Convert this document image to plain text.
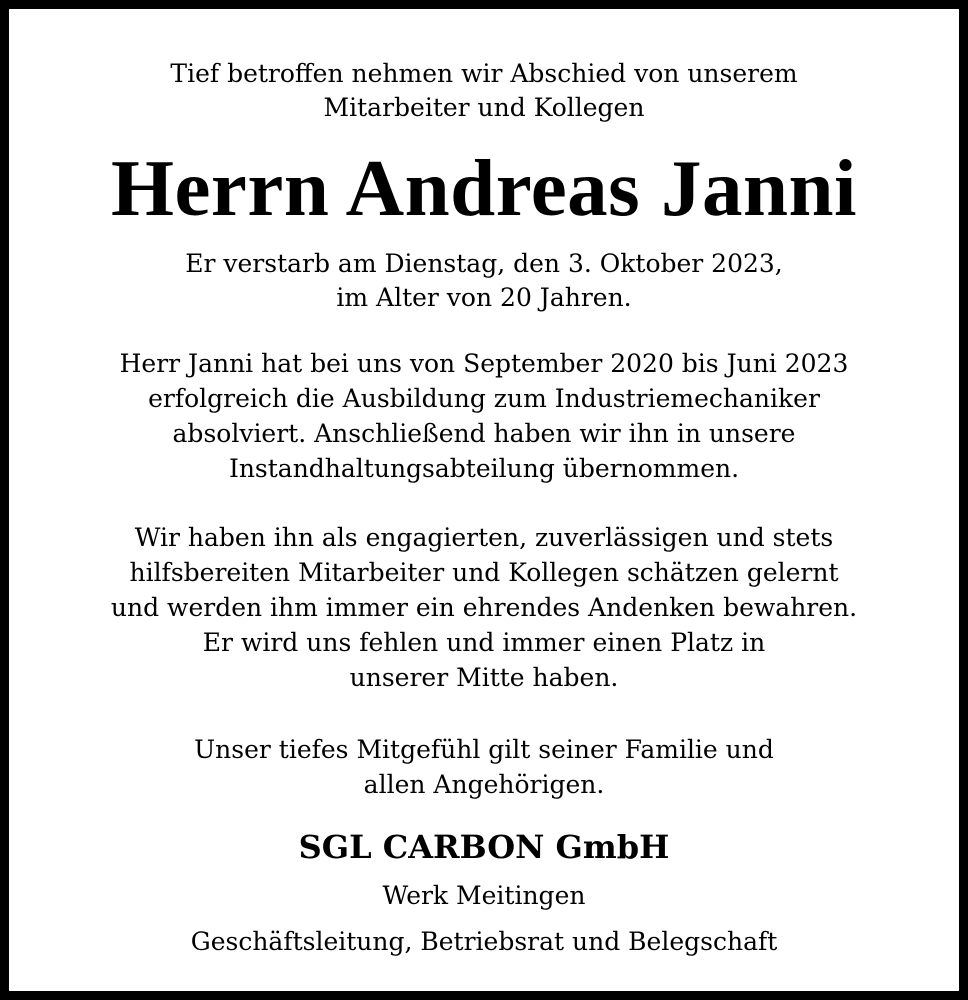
Tief betroffen nehmen wir Abschied von unserem
Mitarbeiter und Kollegen
Herrn Andreas Janni
Er verstarb am Dienstag, den 3. Oktober 2023,
im Alter von 20 Jahren.
Herr Janni hat bei uns von September 2020 bis Juni 2023
erfolgreich die Ausbildung zum Industriemechaniker
absolviert. Anschließend haben wir ihn in unsere
Instandhaltungsabteilung übernommen.
Wir haben ihn als engagierten, zuverlässigen und stets
hilfsbereiten Mitarbeiter und Kollegen schätzen gelernt
und werden ihm immer ein ehrendes Andenken bewahren.
Er wird uns fehlen und immer einen Platz in
unserer Mitte haben.
Unser tiefes Mitgefühl gilt seiner Familie und
allen Angehörigen.
SGL CARBON GmbH
Werk Meitingen
Geschäftsleitung, Betriebsrat und Belegschaft
